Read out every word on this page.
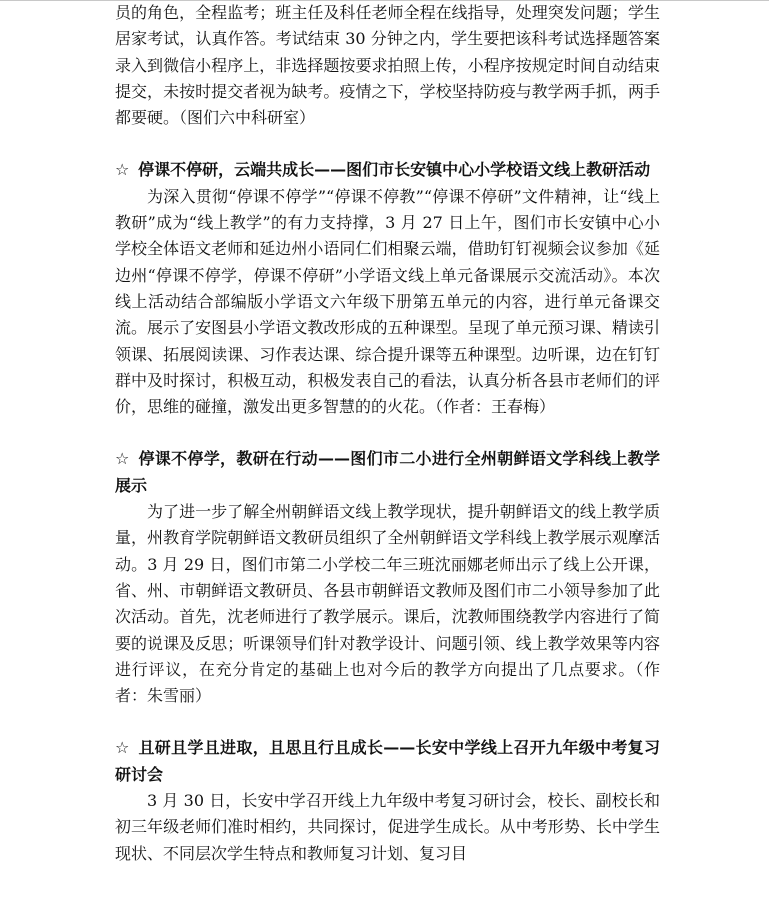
员的角色，全程监考；班主任及科任老师全程在线指导，处理突发问题；学生居家考试，认真作答。考试结束 30 分钟之内，学生要把该科考试选择题答案录入到微信小程序上，非选择题按要求拍照上传，小程序按规定时间自动结束提交，未按时提交者视为缺考。疫情之下，学校坚持防疫与教学两手抓，两手都要硬。（图们六中科研室）

☆ 停课不停研，云端共成长——图们市长安镇中心小学校语文线上教研活动

为深入贯彻“停课不停学”“停课不停教”“停课不停研”文件精神，让“线上教研”成为“线上教学”的有力支持撑，3 月 27 日上午，图们市长安镇中心小学校全体语文老师和延边州小语同仁们相聚云端，借助钉钉视频会议参加《延边州“停课不停学，停课不停研”小学语文线上单元备课展示交流活动》。本次线上活动结合部编版小学语文六年级下册第五单元的内容，进行单元备课交流。展示了安图县小学语文教改形成的五种课型。呈现了单元预习课、精读引领课、拓展阅读课、习作表达课、综合提升课等五种课型。边听课，边在钉钉群中及时探讨，积极互动，积极发表自己的看法，认真分析各县市老师们的评价，思维的碰撞，激发出更多智慧的的火花。（作者：王春梅）

☆ 停课不停学，教研在行动——图们市二小进行全州朝鲜语文学科线上教学展示

为了进一步了解全州朝鲜语文线上教学现状，提升朝鲜语文的线上教学质量，州教育学院朝鲜语文教研员组织了全州朝鲜语文学科线上教学展示观摩活动。3 月 29 日，图们市第二小学校二年三班沈丽娜老师出示了线上公开课，省、州、市朝鲜语文教研员、各县市朝鲜语文教师及图们市二小领导参加了此次活动。首先，沈老师进行了教学展示。课后，沈教师围绕教学内容进行了简要的说课及反思；听课领导们针对教学设计、问题引领、线上教学效果等内容进行评议，在充分肯定的基础上也对今后的教学方向提出了几点要求。（作者：朱雪丽）

☆ 且研且学且进取，且思且行且成长——长安中学线上召开九年级中考复习研讨会

3 月 30 日，长安中学召开线上九年级中考复习研讨会，校长、副校长和初三年级老师们准时相约，共同探讨，促进学生成长。从中考形势、长中学生现状、不同层次学生特点和教师复习计划、复习目
